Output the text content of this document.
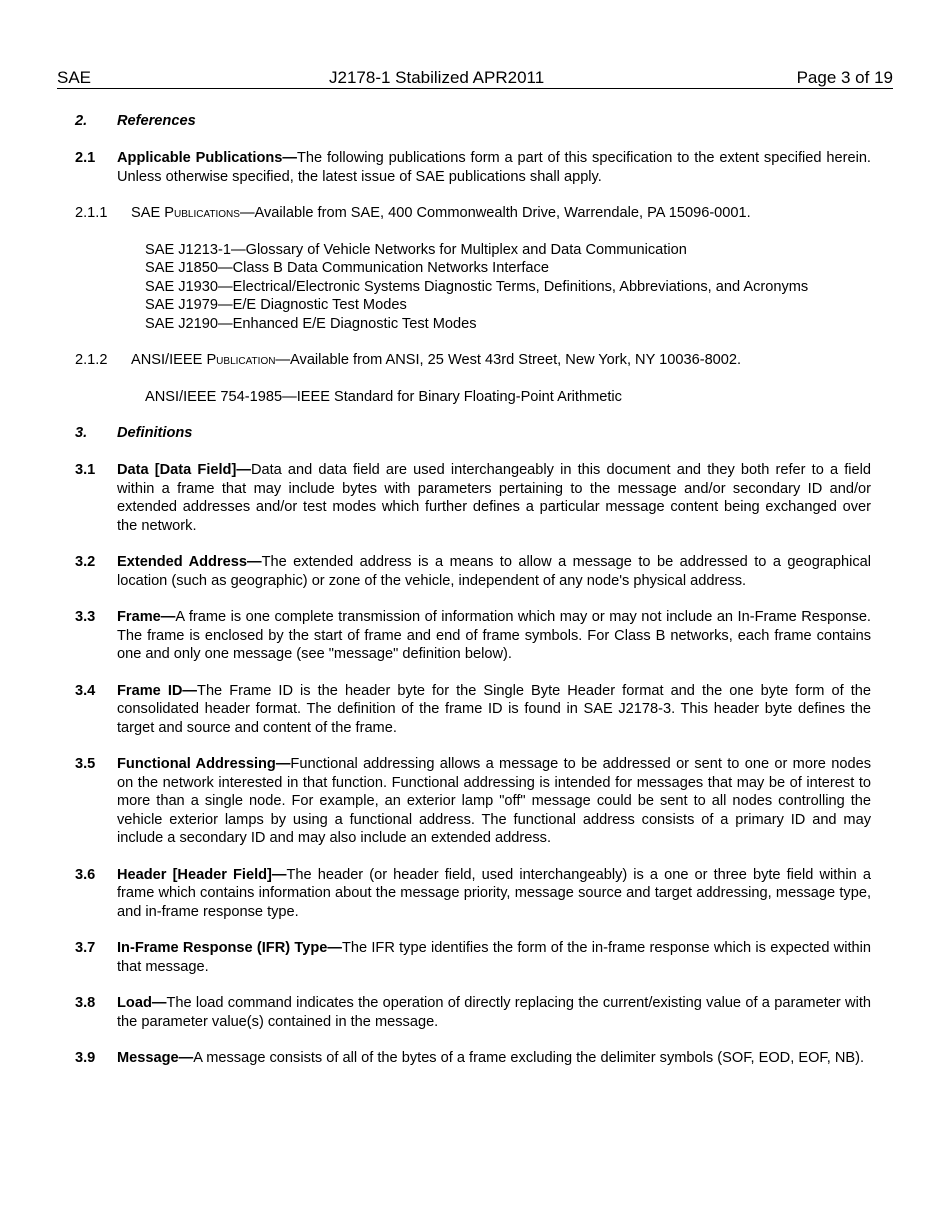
SAE	J2178-1 Stabilized APR2011	Page 3 of 19
2.	References
2.1	Applicable Publications—The following publications form a part of this specification to the extent specified herein. Unless otherwise specified, the latest issue of SAE publications shall apply.
2.1.1	SAE Publications—Available from SAE, 400 Commonwealth Drive, Warrendale, PA 15096-0001.
SAE J1213-1—Glossary of Vehicle Networks for Multiplex and Data Communication
SAE J1850—Class B Data Communication Networks Interface
SAE J1930—Electrical/Electronic Systems Diagnostic Terms, Definitions, Abbreviations, and Acronyms
SAE J1979—E/E Diagnostic Test Modes
SAE J2190—Enhanced E/E Diagnostic Test Modes
2.1.2	ANSI/IEEE Publication—Available from ANSI, 25 West 43rd Street, New York, NY 10036-8002.
ANSI/IEEE 754-1985—IEEE Standard for Binary Floating-Point Arithmetic
3.	Definitions
3.1	Data [Data Field]—Data and data field are used interchangeably in this document and they both refer to a field within a frame that may include bytes with parameters pertaining to the message and/or secondary ID and/or extended addresses and/or test modes which further defines a particular message content being exchanged over the network.
3.2	Extended Address—The extended address is a means to allow a message to be addressed to a geographical location (such as geographic) or zone of the vehicle, independent of any node's physical address.
3.3	Frame—A frame is one complete transmission of information which may or may not include an In-Frame Response. The frame is enclosed by the start of frame and end of frame symbols. For Class B networks, each frame contains one and only one message (see "message" definition below).
3.4	Frame ID—The Frame ID is the header byte for the Single Byte Header format and the one byte form of the consolidated header format. The definition of the frame ID is found in SAE J2178-3. This header byte defines the target and source and content of the frame.
3.5	Functional Addressing—Functional addressing allows a message to be addressed or sent to one or more nodes on the network interested in that function. Functional addressing is intended for messages that may be of interest to more than a single node. For example, an exterior lamp "off" message could be sent to all nodes controlling the vehicle exterior lamps by using a functional address. The functional address consists of a primary ID and may include a secondary ID and may also include an extended address.
3.6	Header [Header Field]—The header (or header field, used interchangeably) is a one or three byte field within a frame which contains information about the message priority, message source and target addressing, message type, and in-frame response type.
3.7	In-Frame Response (IFR) Type—The IFR type identifies the form of the in-frame response which is expected within that message.
3.8	Load—The load command indicates the operation of directly replacing the current/existing value of a parameter with the parameter value(s) contained in the message.
3.9	Message—A message consists of all of the bytes of a frame excluding the delimiter symbols (SOF, EOD, EOF, NB).
